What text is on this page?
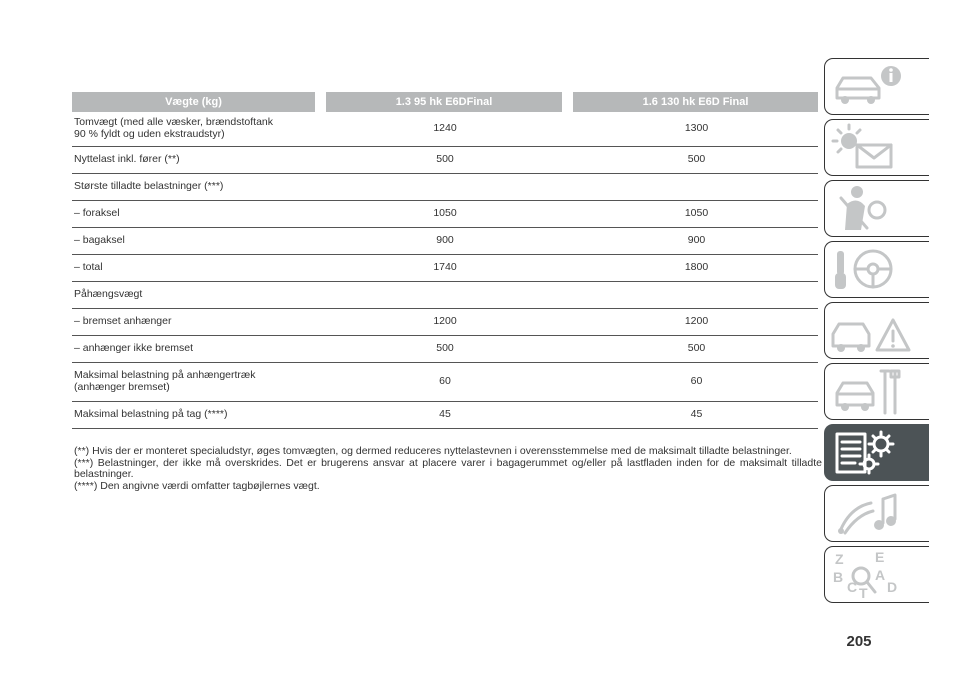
Vægte (kg)		1.3 95 hk E6DFinal		1.6 130 hk E6D Final

Tomvægt (med alle væsker, brændstoftank
90 % fyldt og uden ekstraudstyr)		1240		1300

Nyttelast inkl. fører (**)		500		500

Største tilladte belastninger (***)				

– foraksel		1050		1050

– bagaksel		900		900

– total		1740		1800

Påhængsvægt				

– bremset anhænger		1200		1200

– anhænger ikke bremset		500		500

Maksimal belastning på anhængertræk
(anhænger bremset)		60		60

Maksimal belastning på tag (****)		45		45

(**) Hvis der er monteret specialudstyr, øges tomvægten, og dermed reduceres nyttelastevnen i overensstemmelse med de maksimalt tilladte belastninger.

(***) Belastninger, der ikke må overskrides. Det er brugerens ansvar at placere varer i bagagerummet og/eller på lastfladen inden for de maksimalt tilladte belastninger.

(****) Den angivne værdi omfatter tagbøjlernes vægt.

205
Z E
A
B
C T D
